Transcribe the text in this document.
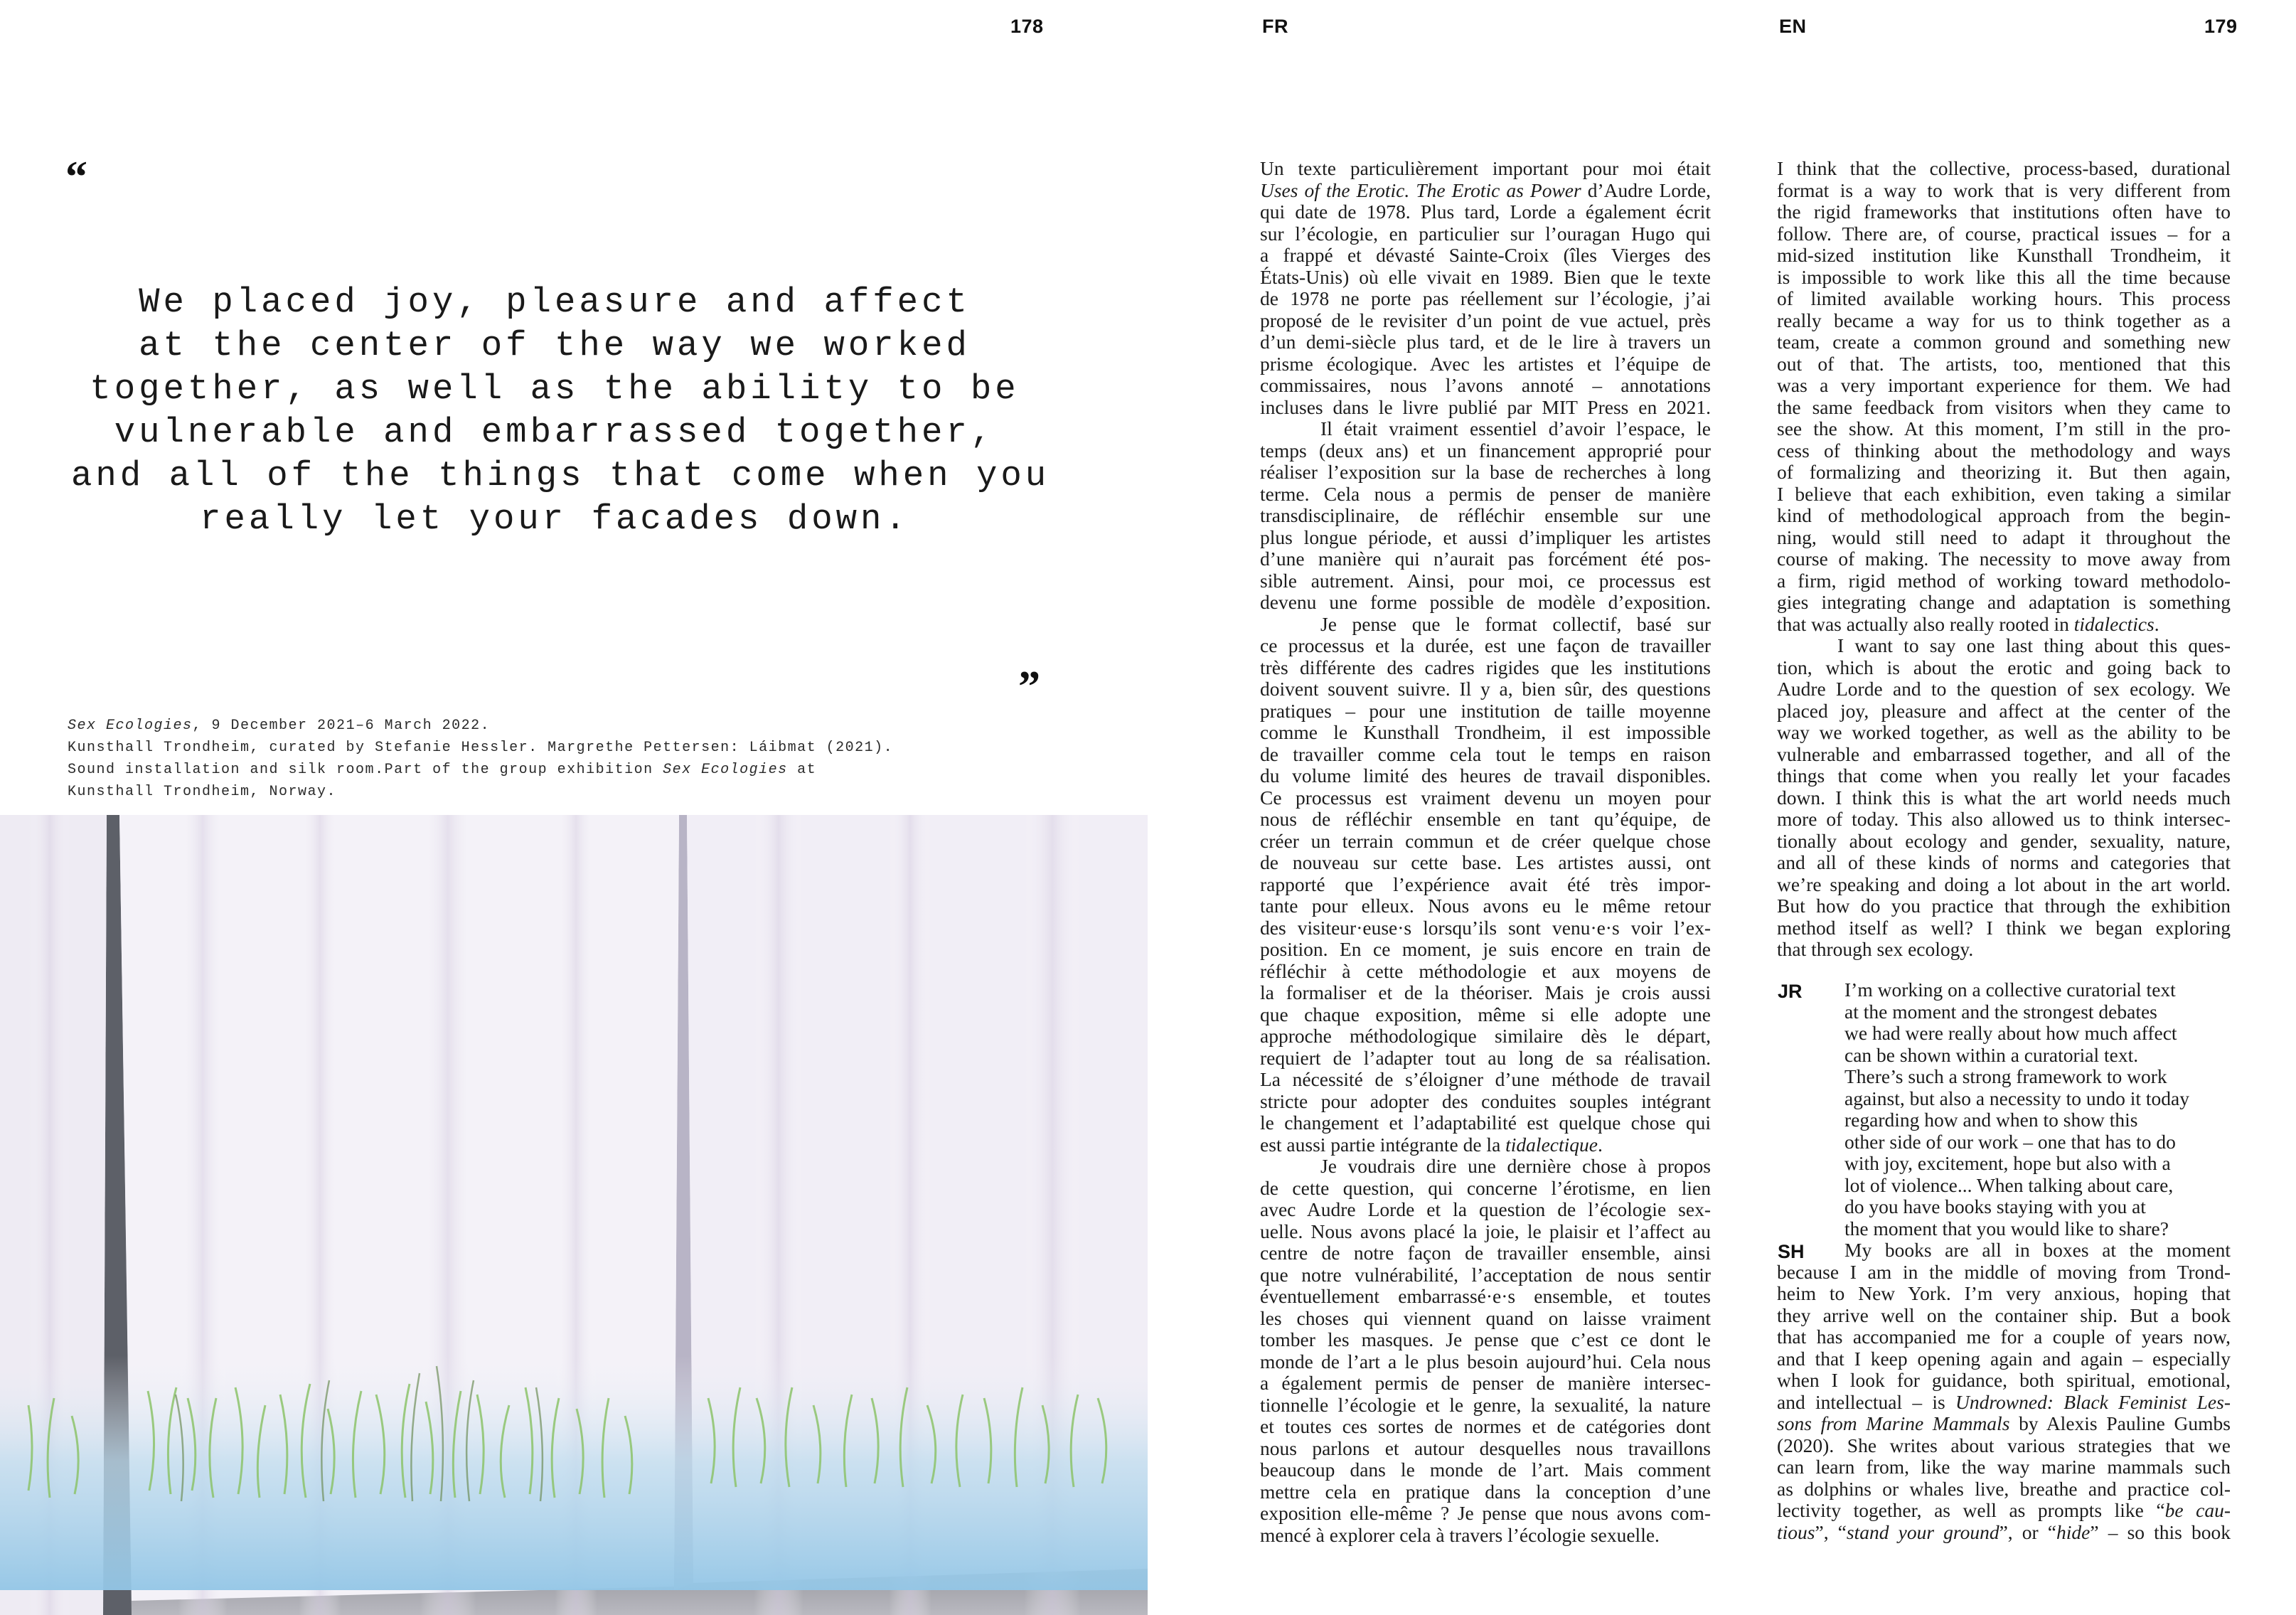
178	FR	EN	179
“
We placed joy, pleasure and affect
at the center of the way we worked
together, as well as the ability to be
vulnerable and embarrassed together,
and all of the things that come when you
really let your facades down.
”
Sex Ecologies, 9 December 2021–6 March 2022.
Kunsthall Trondheim, curated by Stefanie Hessler. Margrethe Pettersen: Láibmat (2021).
Sound installation and silk room.Part of the group exhibition Sex Ecologies at
Kunsthall Trondheim, Norway.
Un texte particulièrement important pour moi était
Uses of the Erotic. The Erotic as Power d’Audre Lorde,
qui date de 1978. Plus tard, Lorde a également écrit
sur l’écologie, en particulier sur l’ouragan Hugo qui
a frappé et dévasté Sainte-Croix (îles Vierges des
États-Unis) où elle vivait en 1989. Bien que le texte
de 1978 ne porte pas réellement sur l’écologie, j’ai
proposé de le revisiter d’un point de vue actuel, près
d’un demi-siècle plus tard, et de le lire à travers un
prisme écologique. Avec les artistes et l’équipe de
commissaires, nous l’avons annoté – annotations
incluses dans le livre publié par MIT Press en 2021.
Il était vraiment essentiel d’avoir l’espace, le
temps (deux ans) et un financement approprié pour
réaliser l’exposition sur la base de recherches à long
terme. Cela nous a permis de penser de manière
transdisciplinaire, de réfléchir ensemble sur une
plus longue période, et aussi d’impliquer les artistes
d’une manière qui n’aurait pas forcément été pos-
sible autrement. Ainsi, pour moi, ce processus est
devenu une forme possible de modèle d’exposition.
Je pense que le format collectif, basé sur
ce processus et la durée, est une façon de travailler
très différente des cadres rigides que les institutions
doivent souvent suivre. Il y a, bien sûr, des questions
pratiques – pour une institution de taille moyenne
comme le Kunsthall Trondheim, il est impossible
de travailler comme cela tout le temps en raison
du volume limité des heures de travail disponibles.
Ce processus est vraiment devenu un moyen pour
nous de réfléchir ensemble en tant qu’équipe, de
créer un terrain commun et de créer quelque chose
de nouveau sur cette base. Les artistes aussi, ont
rapporté que l’expérience avait été très impor-
tante pour elleux. Nous avons eu le même retour
des visiteur·euse·s lorsqu’ils sont venu·e·s voir l’ex-
position. En ce moment, je suis encore en train de
réfléchir à cette méthodologie et aux moyens de
la formaliser et de la théoriser. Mais je crois aussi
que chaque exposition, même si elle adopte une
approche méthodologique similaire dès le départ,
requiert de l’adapter tout au long de sa réalisation.
La nécessité de s’éloigner d’une méthode de travail
stricte pour adopter des conduites souples intégrant
le changement et l’adaptabilité est quelque chose qui
est aussi partie intégrante de la tidalectique.
Je voudrais dire une dernière chose à propos
de cette question, qui concerne l’érotisme, en lien
avec Audre Lorde et la question de l’écologie sex-
uelle. Nous avons placé la joie, le plaisir et l’affect au
centre de notre façon de travailler ensemble, ainsi
que notre vulnérabilité, l’acceptation de nous sentir
éventuellement embarrassé·e·s ensemble, et toutes
les choses qui viennent quand on laisse vraiment
tomber les masques. Je pense que c’est ce dont le
monde de l’art a le plus besoin aujourd’hui. Cela nous
a également permis de penser de manière intersec-
tionnelle l’écologie et le genre, la sexualité, la nature
et toutes ces sortes de normes et de catégories dont
nous parlons et autour desquelles nous travaillons
beaucoup dans le monde de l’art. Mais comment
mettre cela en pratique dans la conception d’une
exposition elle-même ? Je pense que nous avons com-
mencé à explorer cela à travers l’écologie sexuelle.
I think that the collective, process-based, durational
format is a way to work that is very different from
the rigid frameworks that institutions often have to
follow. There are, of course, practical issues – for a
mid-sized institution like Kunsthall Trondheim, it
is impossible to work like this all the time because
of limited available working hours. This process
really became a way for us to think together as a
team, create a common ground and something new
out of that. The artists, too, mentioned that this
was a very important experience for them. We had
the same feedback from visitors when they came to
see the show. At this moment, I’m still in the pro-
cess of thinking about the methodology and ways
of formalizing and theorizing it. But then again,
I believe that each exhibition, even taking a similar
kind of methodological approach from the begin-
ning, would still need to adapt it throughout the
course of making. The necessity to move away from
a firm, rigid method of working toward methodolo-
gies integrating change and adaptation is something
that was actually also really rooted in tidalectics.
I want to say one last thing about this ques-
tion, which is about the erotic and going back to
Audre Lorde and to the question of sex ecology. We
placed joy, pleasure and affect at the center of the
way we worked together, as well as the ability to be
vulnerable and embarrassed together, and all of the
things that come when you really let your facades
down. I think this is what the art world needs much
more of today. This also allowed us to think intersec-
tionally about ecology and gender, sexuality, nature,
and all of these kinds of norms and categories that
we’re speaking and doing a lot about in the art world.
But how do you practice that through the exhibition
method itself as well? I think we began exploring
that through sex ecology.
JR I’m working on a collective curatorial text
at the moment and the strongest debates
we had were really about how much affect
can be shown within a curatorial text.
There’s such a strong framework to work
against, but also a necessity to undo it today
regarding how and when to show this
other side of our work – one that has to do
with joy, excitement, hope but also with a
lot of violence... When talking about care,
do you have books staying with you at
the moment that you would like to share?
SH	My books are all in boxes at the moment
because I am in the middle of moving from Trond-
heim to New York. I’m very anxious, hoping that
they arrive well on the container ship. But a book
that has accompanied me for a couple of years now,
and that I keep opening again and again – especially
when I look for guidance, both spiritual, emotional,
and intellectual – is Undrowned: Black Feminist Les-
sons from Marine Mammals by Alexis Pauline Gumbs
(2020). She writes about various strategies that we
can learn from, like the way marine mammals such
as dolphins or whales live, breathe and practice col-
lectivity together, as well as prompts like “be cau-
tious”, “stand your ground”, or “hide” – so this book
